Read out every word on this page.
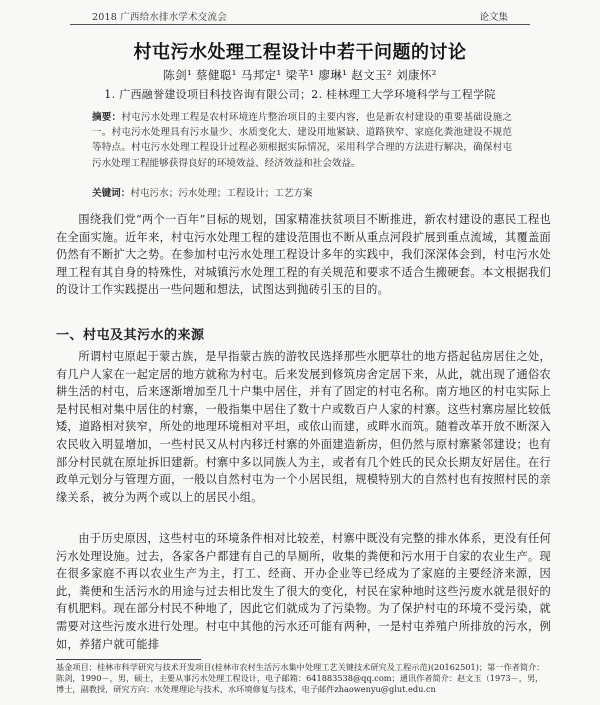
2018 广西给水排水学术交流会	论文集
村屯污水处理工程设计中若干问题的讨论
陈剑¹ 蔡健聪¹ 马邦定¹ 梁芊¹ 廖琳¹ 赵文玉² 刘康怀²
1. 广西融誉建设项目科技咨询有限公司；2. 桂林理工大学环境科学与工程学院
摘要：村屯污水处理工程是农村环境连片整治项目的主要内容，也是新农村建设的重要基础设施之一。村屯污水处理具有污水量少、水质变化大、建设用地紧缺、道路狭窄、家庭化粪池建设不规范等特点。村屯污水处理工程设计过程必须根据实际情况，采用科学合理的方法进行解决，确保村屯污水处理工程能够获得良好的环境效益、经济效益和社会效益。
关键词：村屯污水；污水处理；工程设计；工艺方案

围绕我们党“两个一百年”目标的规划，国家精准扶贫项目不断推进，新农村建设的惠民工程也在全面实施。近年来，村屯污水处理工程的建设范围也不断从重点河段扩展到重点流域，其覆盖面仍然有不断扩大之势。在参加村屯污水处理工程设计多年的实践中，我们深深体会到，村屯污水处理工程有其自身的特殊性，对城镇污水处理工程的有关规范和要求不适合生搬硬套。本文根据我们的设计工作实践提出一些问题和想法，试图达到抛砖引玉的目的。

一、村屯及其污水的来源

所谓村屯原起于蒙古族，是早指蒙古族的游牧民选择那些水肥草壮的地方搭起毡房居住之处，有几户人家在一起定居的地方就称为村屯。后来发展到修筑房舍定居下来，从此，就出现了通俗农耕生活的村屯，后来逐渐增加至几十户集中居住，并有了固定的村屯名称。南方地区的村屯实际上是村民相对集中居住的村寨，一般指集中居住了数十户或数百户人家的村寨。这些村寨房屋比较低矮，道路相对狭窄，所处的地理环境相对平坦，或依山而建，或畔水而筑。随着改革开放不断深入农民收入明显增加，一些村民又从村内移迁村寨的外面建造新房，但仍然与原村寨紧邻建设；也有部分村民就在原址拆旧建新。村寨中多以同族人为主，或者有几个姓氏的民众长期友好居住。在行政单元划分与管理方面，一般以自然村屯为一个小居民组，规模特别大的自然村也有按照村民的亲缘关系，被分为两个或以上的居民小组。

由于历史原因，这些村屯的环境条件相对比较差，村寨中既没有完整的排水体系，更没有任何污水处理设施。过去，各家各户都建有自己的旱厕所，收集的粪便和污水用于自家的农业生产。现在很多家庭不再以农业生产为主，打工、经商、开办企业等已经成为了家庭的主要经济来源，因此，粪便和生活污水的用途与过去相比发生了很大的变化，村民在家种地时这些污废水就是很好的有机肥料。现在部分村民不种地了，因此它们就成为了污染物。为了保护村屯的环境不受污染，就需要对这些污废水进行处理。村屯中其他的污水还可能有两种，一是村屯养殖户所排放的污水，例如，养猪户就可能排

基金项目：桂林市科学研究与技术开发项目(桂林市农村生活污水集中处理工艺关键技术研究及工程示范)(20162501)；第一作者简介：陈剑，1990－，男，硕士，主要从事污水处理工程设计，电子邮箱：641883538@qq.com；通讯作者简介：赵文玉（1973－，男，博士，副教授，研究方向：水处理理论与技术、水环境修复与技术，电子邮件zhaowenyu@glut.edu.cn
